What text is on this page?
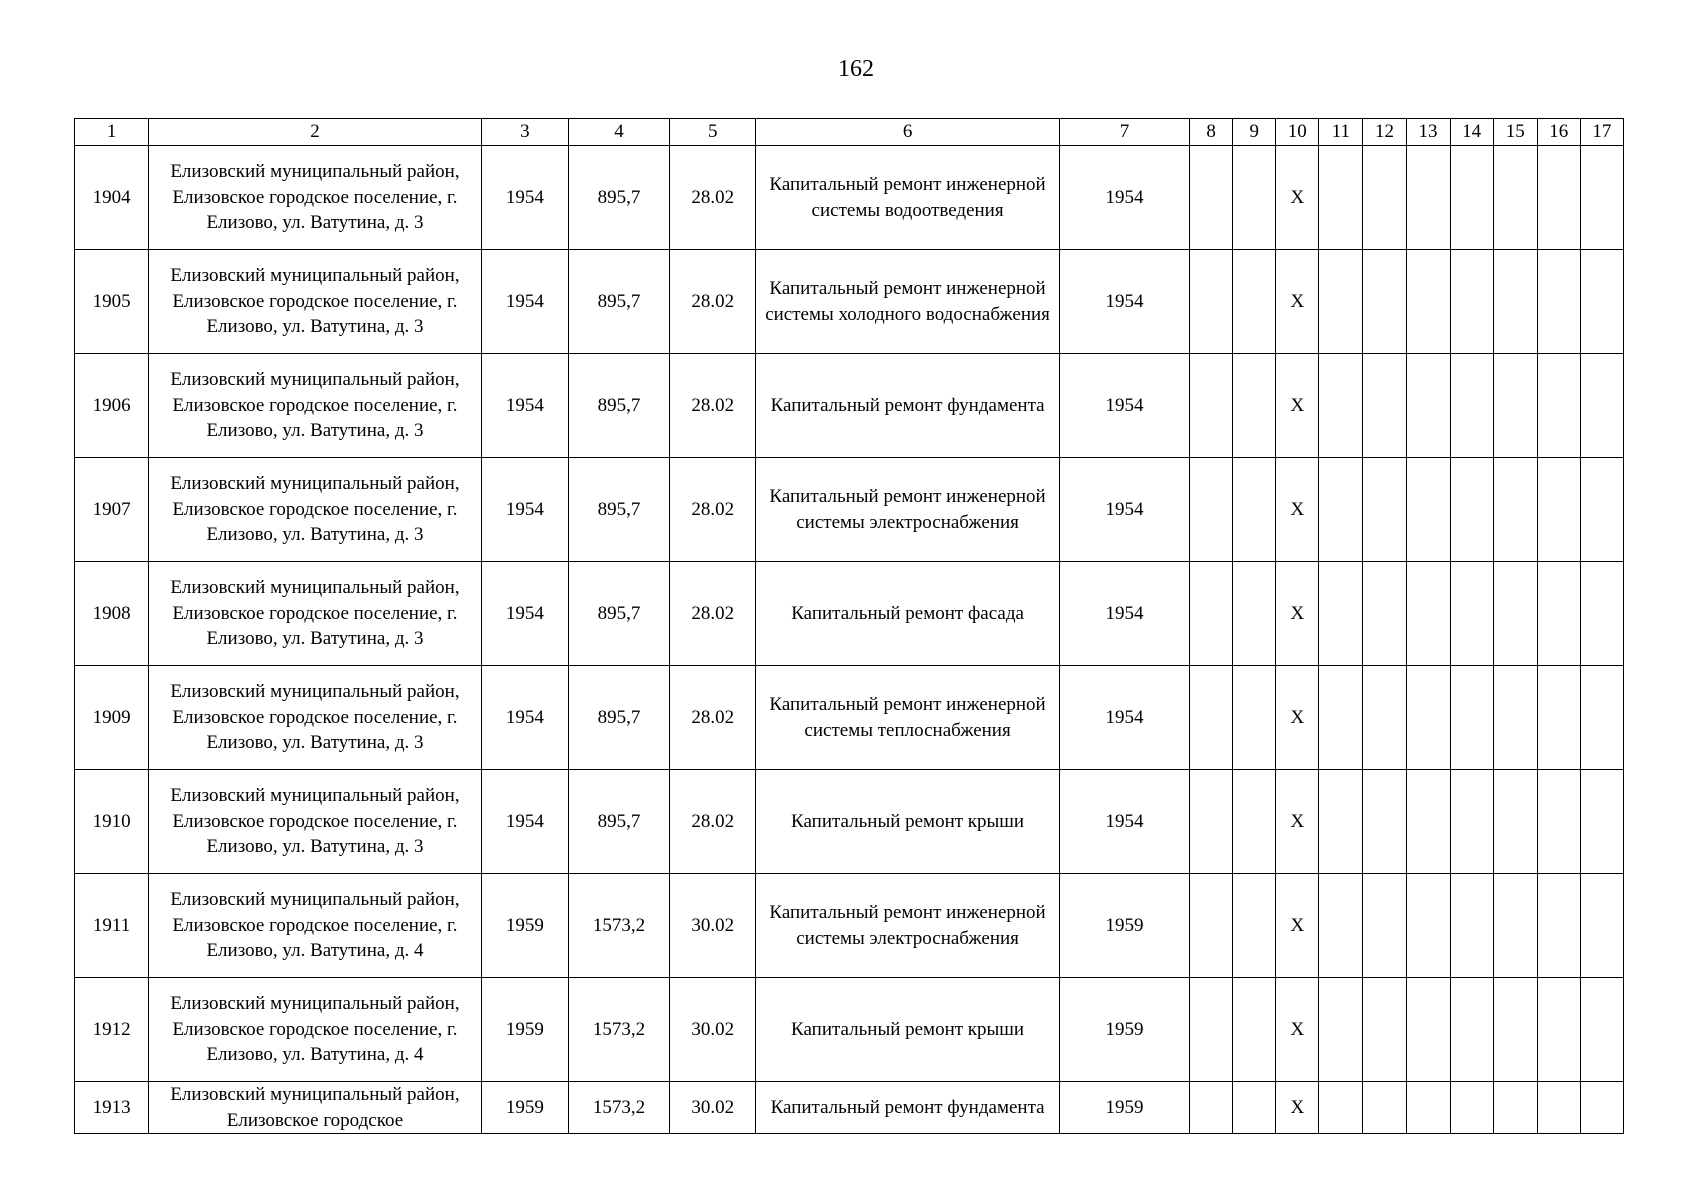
162
1	2	3	4	5	6	7	8	9	10	11	12	13	14	15	16	17
1904	Елизовский муниципальный район, Елизовское городское поселение, г. Елизово, ул. Ватутина, д. 3	1954	895,7	28.02	Капитальный ремонт инженерной системы водоотведения	1954			X							
1905	Елизовский муниципальный район, Елизовское городское поселение, г. Елизово, ул. Ватутина, д. 3	1954	895,7	28.02	Капитальный ремонт инженерной системы холодного водоснабжения	1954			X							
1906	Елизовский муниципальный район, Елизовское городское поселение, г. Елизово, ул. Ватутина, д. 3	1954	895,7	28.02	Капитальный ремонт фундамента	1954			X							
1907	Елизовский муниципальный район, Елизовское городское поселение, г. Елизово, ул. Ватутина, д. 3	1954	895,7	28.02	Капитальный ремонт инженерной системы электроснабжения	1954			X							
1908	Елизовский муниципальный район, Елизовское городское поселение, г. Елизово, ул. Ватутина, д. 3	1954	895,7	28.02	Капитальный ремонт фасада	1954			X							
1909	Елизовский муниципальный район, Елизовское городское поселение, г. Елизово, ул. Ватутина, д. 3	1954	895,7	28.02	Капитальный ремонт инженерной системы теплоснабжения	1954			X							
1910	Елизовский муниципальный район, Елизовское городское поселение, г. Елизово, ул. Ватутина, д. 3	1954	895,7	28.02	Капитальный ремонт крыши	1954			X							
1911	Елизовский муниципальный район, Елизовское городское поселение, г. Елизово, ул. Ватутина, д. 4	1959	1573,2	30.02	Капитальный ремонт инженерной системы электроснабжения	1959			X							
1912	Елизовский муниципальный район, Елизовское городское поселение, г. Елизово, ул. Ватутина, д. 4	1959	1573,2	30.02	Капитальный ремонт крыши	1959			X							
1913	Елизовский муниципальный район, Елизовское городское	1959	1573,2	30.02	Капитальный ремонт фундамента	1959			X							
